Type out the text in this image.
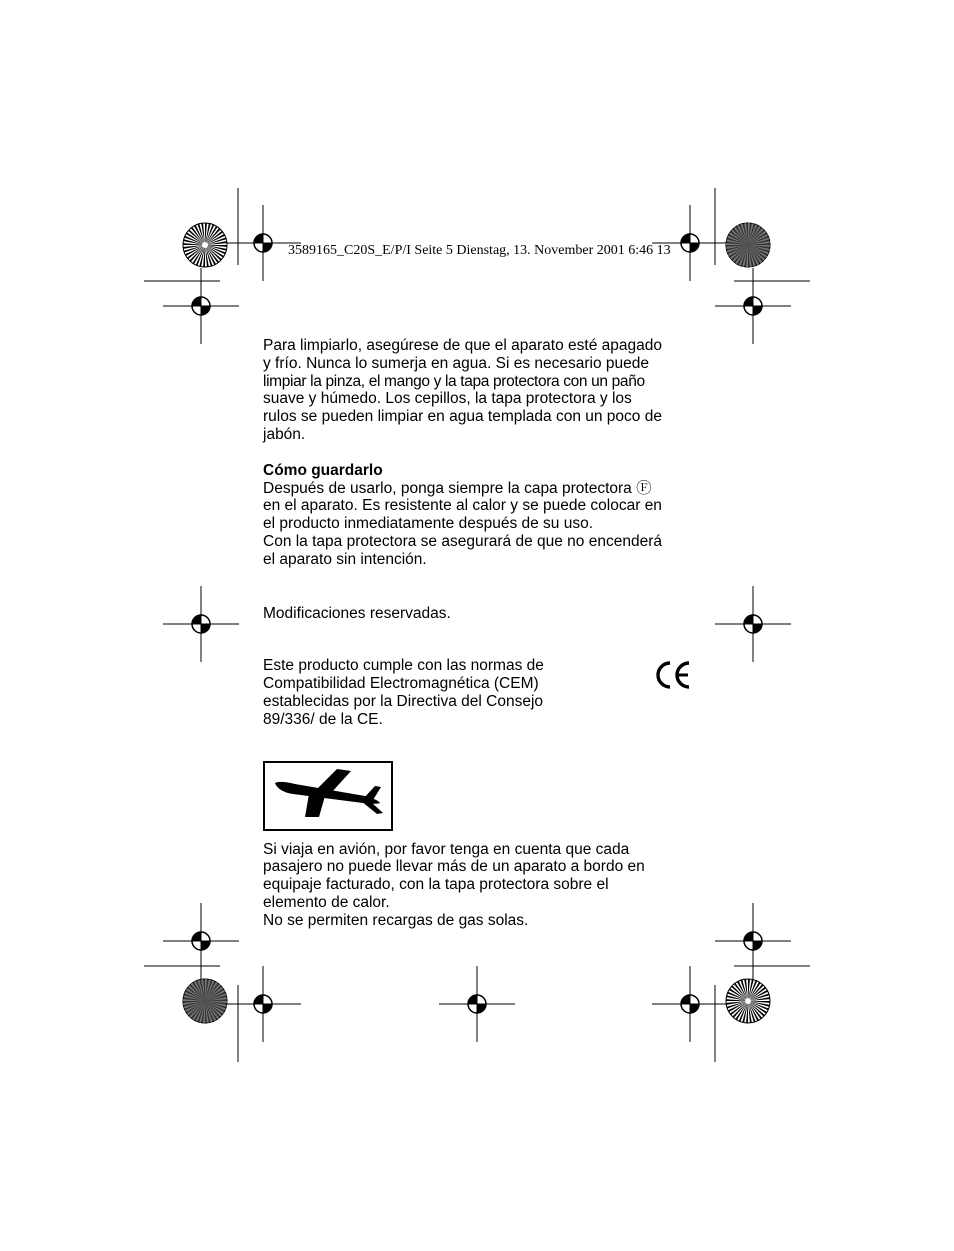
3589165_C20S_E/P/I Seite 5 Dienstag, 13. November 2001 6:46 13
Para limpiarlo, asegúrese de que el aparato esté apagado
y frío. Nunca lo sumerja en agua. Si es necesario puede
limpiar la pinza, el mango y la tapa protectora con un paño
suave y húmedo. Los cepillos, la tapa protectora y los
rulos se pueden limpiar en agua templada con un poco de
jabón.
Cómo guardarlo
Después de usarlo, ponga siempre la capa protectora Ⓕ
en el aparato. Es resistente al calor y se puede colocar en
el producto inmediatamente después de su uso.
Con la tapa protectora se asegurará de que no encenderá
el aparato sin intención.
Modificaciones reservadas.
Este producto cumple con las normas de
Compatibilidad Electromagnética (CEM)
establecidas por la Directiva del Consejo
89/336/ de la CE.
Si viaja en avión, por favor tenga en cuenta que cada
pasajero no puede llevar más de un aparato a bordo en
equipaje facturado, con la tapa protectora sobre el
elemento de calor.
No se permiten recargas de gas solas.
